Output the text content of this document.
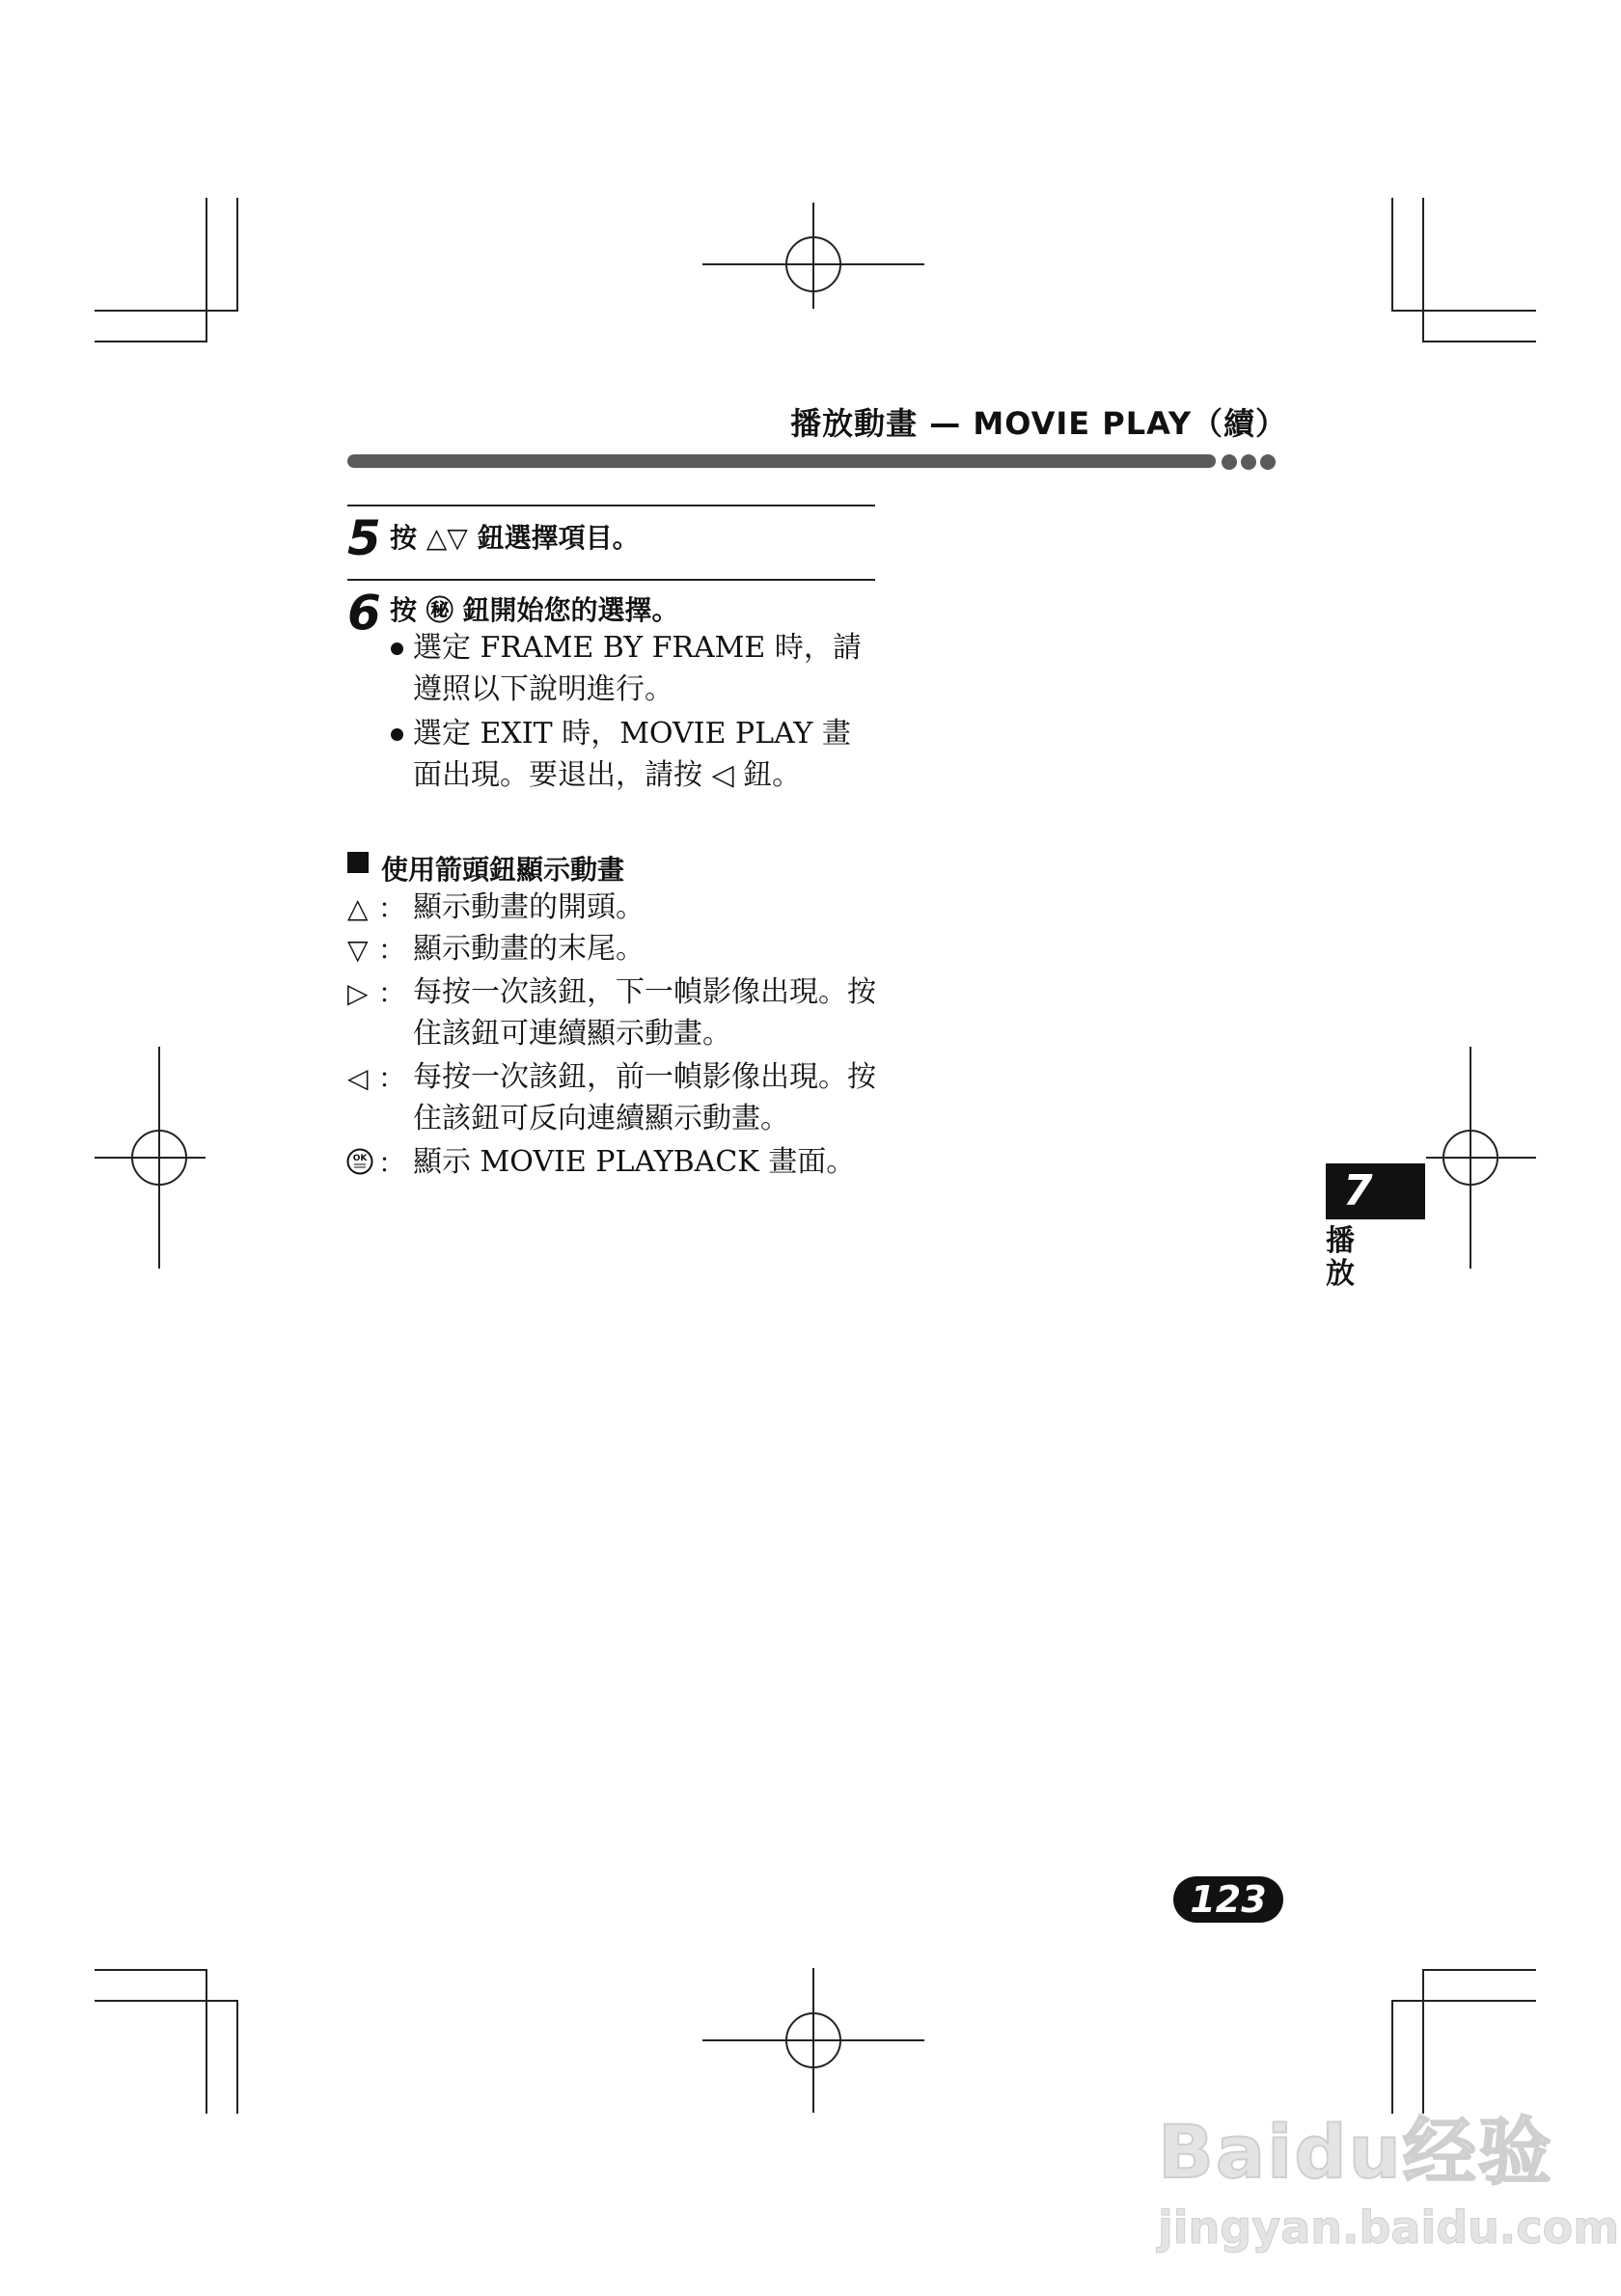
播放動畫 — MOVIE PLAY（續）
5 按 △▽ 鈕選擇項目。
6 按 ㊙ 鈕開始您的選擇。
選定 FRAME BY FRAME 時，請
遵照以下說明進行。
選定 EXIT 時，MOVIE PLAY 畫
面出現。要退出，請按 ◁ 鈕。
使用箭頭鈕顯示動畫
△ ： 顯示動畫的開頭。
▽ ： 顯示動畫的末尾。
▷ ： 每按一次該鈕，下一幀影像出現。按
住該鈕可連續顯示動畫。
◁ ： 每按一次該鈕，前一幀影像出現。按
住該鈕可反向連續顯示動畫。
OK ： 顯示 MOVIE PLAYBACK 畫面。
7
播
放
123
Baidu经验
jingyan.baidu.com
